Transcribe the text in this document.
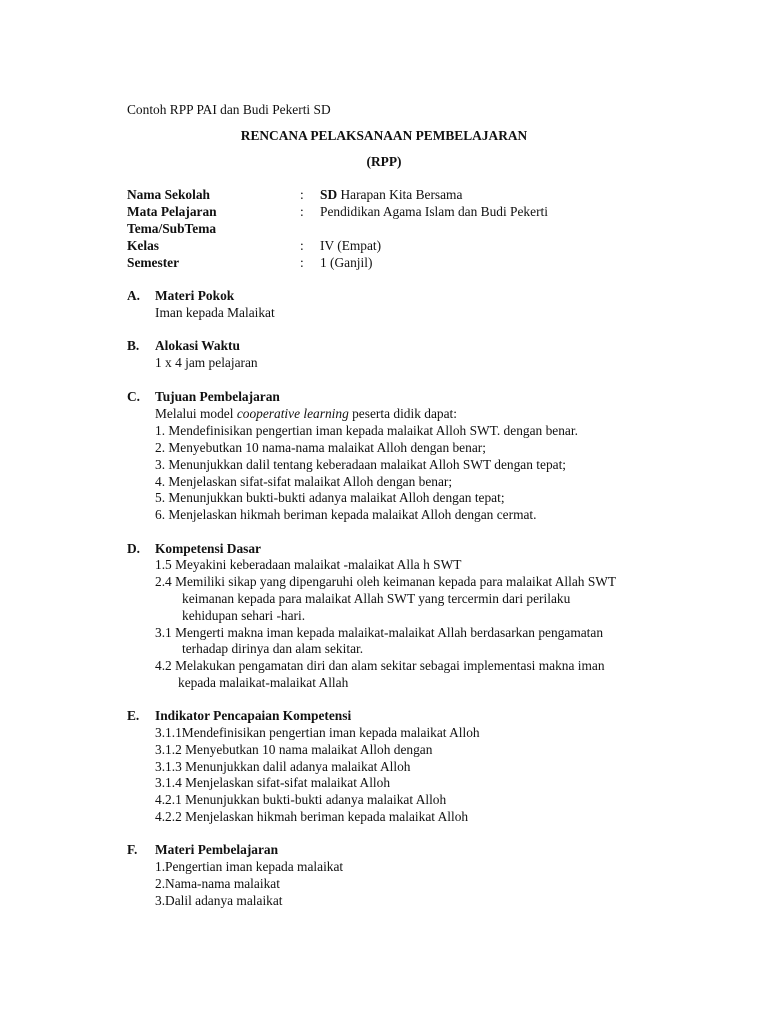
Contoh RPP PAI dan Budi Pekerti SD
RENCANA PELAKSANAAN PEMBELAJARAN
(RPP)
Nama Sekolah	: SD Harapan Kita Bersama
Mata Pelajaran	: Pendidikan Agama Islam dan Budi Pekerti
Tema/SubTema
Kelas	: IV (Empat)
Semester	: 1 (Ganjil)
A. Materi Pokok
Iman kepada Malaikat
B. Alokasi Waktu
1 x 4 jam pelajaran
C. Tujuan Pembelajaran
Melalui model cooperative learning peserta didik dapat:
1. Mendefinisikan pengertian iman kepada malaikat Alloh SWT. dengan benar.
2. Menyebutkan 10 nama-nama malaikat Alloh dengan benar;
3. Menunjukkan dalil tentang keberadaan malaikat Alloh SWT dengan tepat;
4. Menjelaskan sifat-sifat malaikat Alloh dengan benar;
5. Menunjukkan bukti-bukti adanya malaikat Alloh dengan tepat;
6. Menjelaskan hikmah beriman kepada malaikat Alloh dengan cermat.
D. Kompetensi Dasar
1.5 Meyakini keberadaan malaikat -malaikat Alla h SWT
2.4 Memiliki sikap yang dipengaruhi oleh keimanan kepada para malaikat Allah SWT
keimanan kepada para malaikat Allah SWT yang tercermin dari perilaku
kehidupan sehari -hari.
3.1 Mengerti makna iman kepada malaikat-malaikat Allah berdasarkan pengamatan
terhadap dirinya dan alam sekitar.
4.2 Melakukan pengamatan diri dan alam sekitar sebagai implementasi makna iman
kepada malaikat-malaikat Allah
E. Indikator Pencapaian Kompetensi
3.1.1Mendefinisikan pengertian iman kepada malaikat Alloh
3.1.2 Menyebutkan 10 nama malaikat Alloh dengan
3.1.3 Menunjukkan dalil adanya malaikat Alloh
3.1.4 Menjelaskan sifat-sifat malaikat Alloh
4.2.1 Menunjukkan bukti-bukti adanya malaikat Alloh
4.2.2 Menjelaskan hikmah beriman kepada malaikat Alloh
F. Materi Pembelajaran
1.Pengertian iman kepada malaikat
2.Nama-nama malaikat
3.Dalil adanya malaikat
